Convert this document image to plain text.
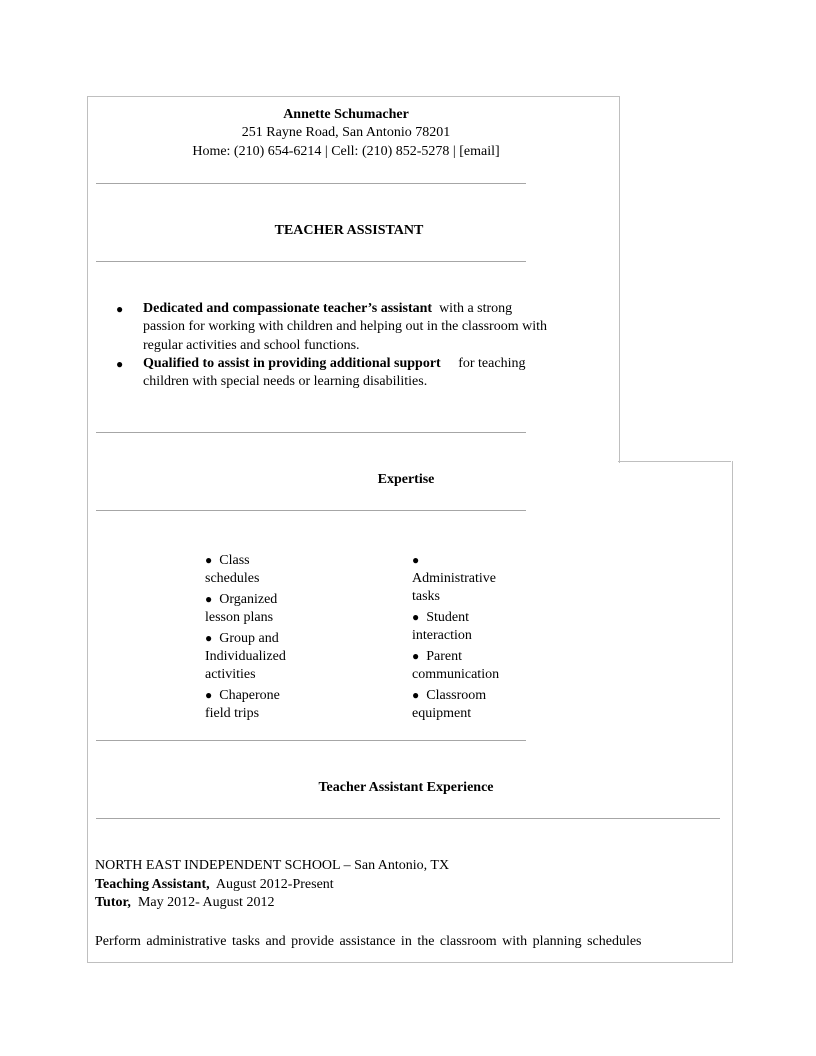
Annette Schumacher
251 Rayne Road, San Antonio 78201
Home: (210) 654-6214 | Cell: (210) 852-5278 | [email]
TEACHER ASSISTANT
● Dedicated and compassionate teacher’s assistant with a strong
passion for working with children and helping out in the classroom with
regular activities and school functions.
● Qualified to assist in providing additional support for teaching
children with special needs or learning disabilities.
Expertise
● Class
schedules
● Organized
lesson plans
● Group and
Individualized
activities
● Chaperone
field trips
●
Administrative
tasks
● Student
interaction
● Parent
communication
● Classroom
equipment
Teacher Assistant Experience
NORTH EAST INDEPENDENT SCHOOL – San Antonio, TX
Teaching Assistant, August 2012-Present
Tutor, May 2012- August 2012
Perform administrative tasks and provide assistance in the classroom with planning schedules
